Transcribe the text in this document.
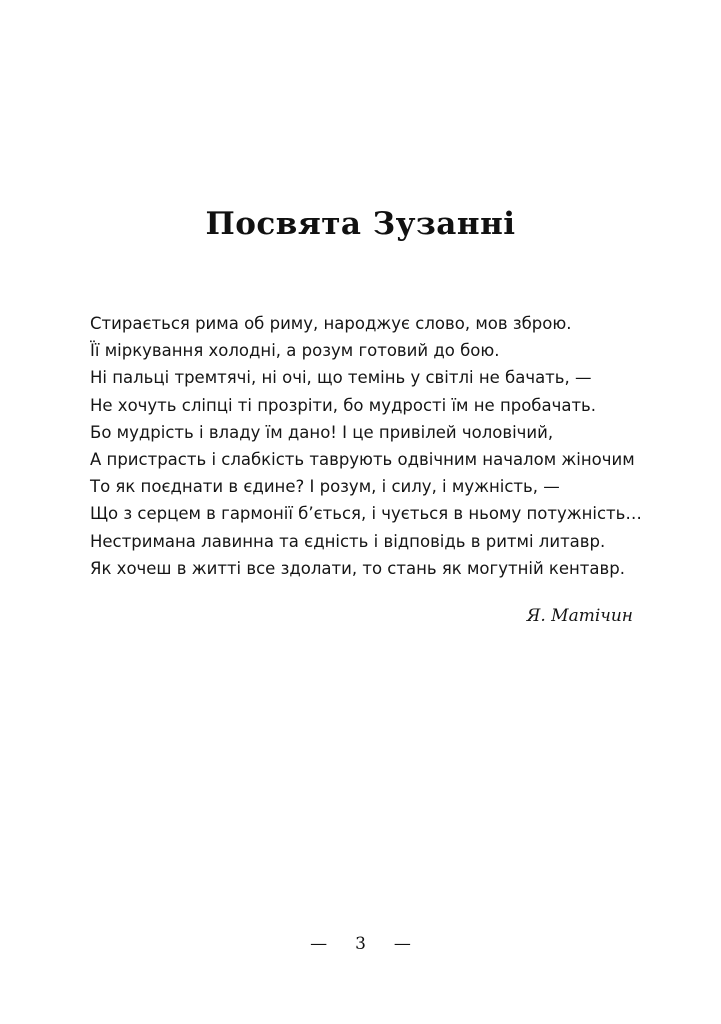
Посвята Зузанні
Стирається рима об риму, народжує слово, мов зброю.
Її міркування холодні, а розум готовий до бою.
Ні пальці тремтячі, ні очі, що темінь у світлі не бачать, —
Не хочуть сліпці ті прозріти, бо мудрості їм не пробачать.
Бо мудрість і владу їм дано! І це привілей чоловічий,
А пристрасть і слабкість таврують одвічним началом жіночим
То як поєднати в єдине? І розум, і силу, і мужність, —
Що з серцем в гармонії б’ється, і чується в ньому потужність…
Нестримана лавинна та єдність і відповідь в ритмі литавр.
Як хочеш в житті все здолати, то стань як могутній кентавр.
Я. Матічин
— 3 —
